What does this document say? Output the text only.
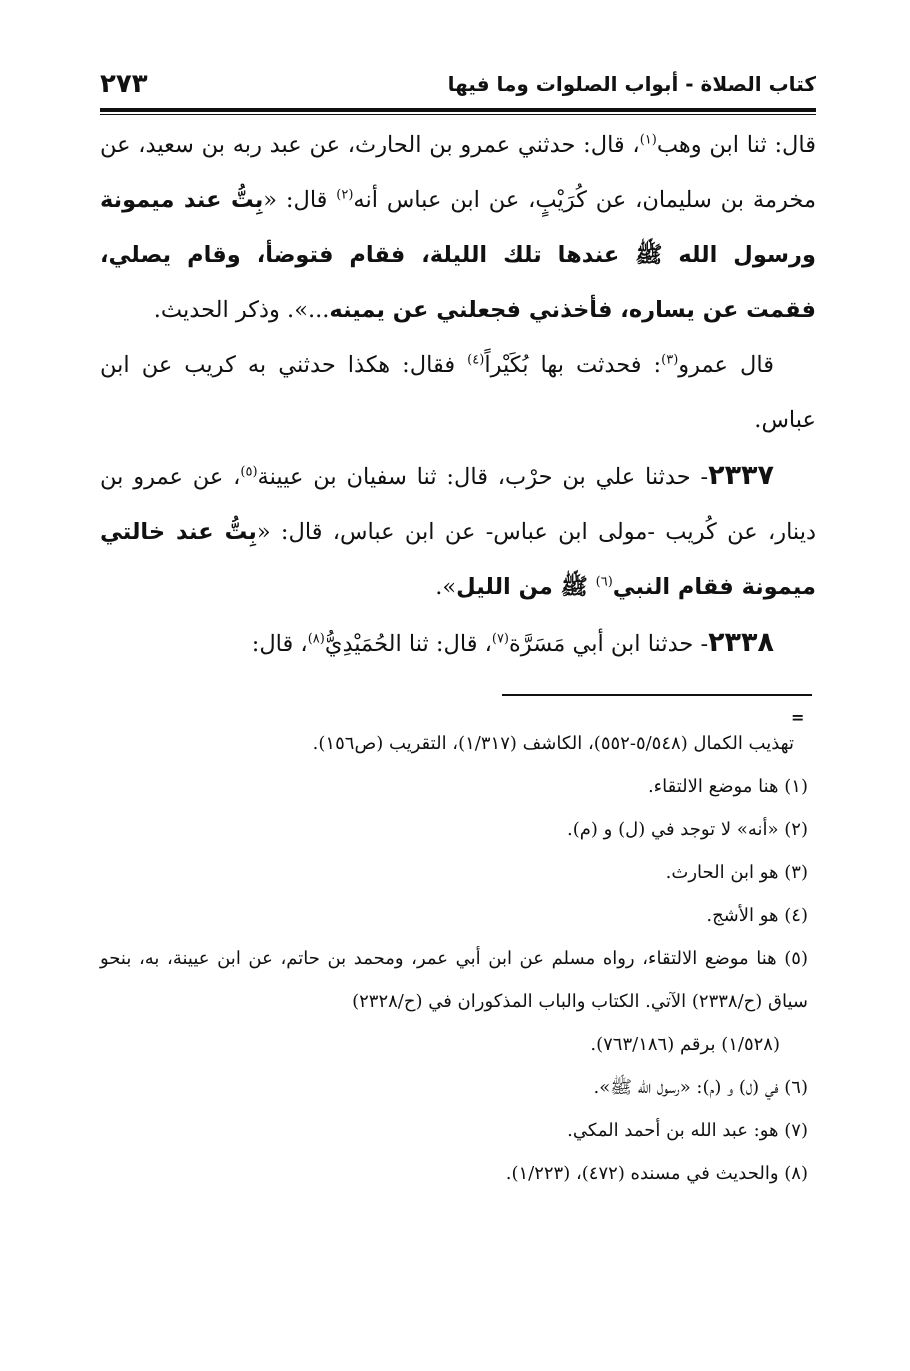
كتاب الصلاة - أبواب الصلوات وما فيها
٢٧٣

قال: ثنا ابن وهب$^{(١)}$، قال: حدثني عمرو بن الحارث، عن عبد ربه بن سعيد، عن مخرمة بن سليمان، عن كُرَيْبٍ، عن ابن عباس أنه$^{(٢)}$ قال: «بِتُّ عند ميمونة ورسول الله ﷺ عندها تلك الليلة، فقام فتوضأ، وقام يصلي، فقمت عن يساره، فأخذني فجعلني عن يمينه...». وذكر الحديث.

قال عمرو$^{(٣)}$: فحدثت بها بُكَيْراً$^{(٤)}$ فقال: هكذا حدثني به كريب عن ابن عباس.

٢٣٣٧- حدثنا علي بن حرْب، قال: ثنا سفيان بن عيينة$^{(٥)}$، عن عمرو بن دينار، عن كُريب -مولى ابن عباس- عن ابن عباس، قال: «بِتُّ عند خالتي ميمونة فقام النبي$^{(٦)}$ ﷺ من الليل».

٢٣٣٨- حدثنا ابن أبي مَسَرَّة$^{(٧)}$، قال: ثنا الحُمَيْدِيُّ$^{(٨)}$، قال:

=

تهذيب الكمال (٥/٥٤٨-٥٥٢)، الكاشف (١/٣١٧)، التقريب (ص١٥٦).

(١) هنا موضع الالتقاء.

(٢) «أنه» لا توجد في (ل) و (م).

(٣) هو ابن الحارث.

(٤) هو الأشج.

(٥) هنا موضع الالتقاء، رواه مسلم عن ابن أبي عمر، ومحمد بن حاتم، عن ابن عيينة، به، بنحو سياق (ح/٢٣٣٨) الآتي. الكتاب والباب المذكوران في (ح/٢٣٢٨)
(١/٥٢٨) برقم (٧٦٣/١٨٦).

(٦) في (ل) و (م): «رسول الله ﷺ».

(٧) هو: عبد الله بن أحمد المكي.

(٨) والحديث في مسنده (٤٧٢)، (١/٢٢٣).
